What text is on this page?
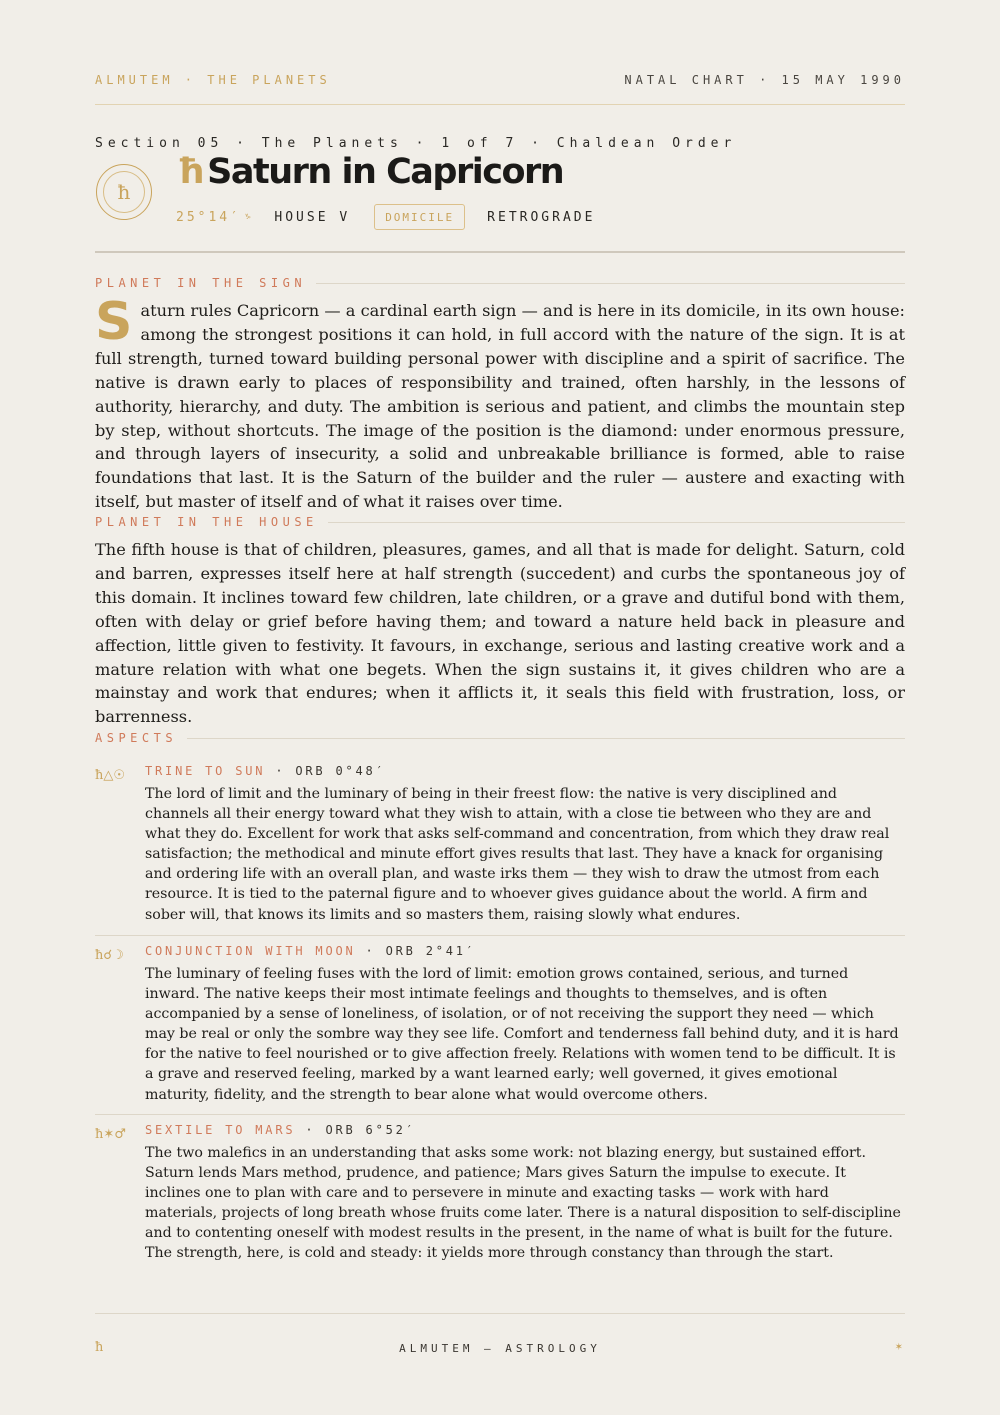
ALMUTEM · THE PLANETS	NATAL CHART · 15 MAY 1990
Section 05 · The Planets · 1 of 7 · Chaldean Order
ħ	ħ Saturn in Capricorn
25°14′ ♑ HOUSE V	DOMICILE	RETROGRADE
PLANET IN THE SIGN

Saturn rules Capricorn — a cardinal earth sign — and is here in its domicile, in its own house: among the strongest positions it can hold, in full accord with the nature of the sign. It is at full strength, turned toward building personal power with discipline and a spirit of sacrifice. The native is drawn early to places of responsibility and trained, often harshly, in the lessons of authority, hierarchy, and duty. The ambition is serious and patient, and climbs the mountain step by step, without shortcuts. The image of the position is the diamond: under enormous pressure, and through layers of insecurity, a solid and unbreakable brilliance is formed, able to raise foundations that last. It is the Saturn of the builder and the ruler — austere and exacting with itself, but master of itself and of what it raises over time.

PLANET IN THE HOUSE

The fifth house is that of children, pleasures, games, and all that is made for delight. Saturn, cold and barren, expresses itself here at half strength (succedent) and curbs the spontaneous joy of this domain. It inclines toward few children, late children, or a grave and dutiful bond with them, often with delay or grief before having them; and toward a nature held back in pleasure and affection, little given to festivity. It favours, in exchange, serious and lasting creative work and a mature relation with what one begets. When the sign sustains it, it gives children who are a mainstay and work that endures; when it afflicts it, it seals this field with frustration, loss, or barrenness.

ASPECTS
ħ△☉ TRINE TO SUN · ORB 0°48′

The lord of limit and the luminary of being in their freest flow: the native is very disciplined and channels all their energy toward what they wish to attain, with a close tie between who they are and what they do. Excellent for work that asks self-command and concentration, from which they draw real satisfaction; the methodical and minute effort gives results that last. They have a knack for organising and ordering life with an overall plan, and waste irks them — they wish to draw the utmost from each resource. It is tied to the paternal figure and to whoever gives guidance about the world. A firm and sober will, that knows its limits and so masters them, raising slowly what endures.

ħ☌☽ CONJUNCTION WITH MOON · ORB 2°41′

The luminary of feeling fuses with the lord of limit: emotion grows contained, serious, and turned inward. The native keeps their most intimate feelings and thoughts to themselves, and is often accompanied by a sense of loneliness, of isolation, or of not receiving the support they need — which may be real or only the sombre way they see life. Comfort and tenderness fall behind duty, and it is hard for the native to feel nourished or to give affection freely. Relations with women tend to be difficult. It is a grave and reserved feeling, marked by a want learned early; well governed, it gives emotional maturity, fidelity, and the strength to bear alone what would overcome others.

ħ✶♂ SEXTILE TO MARS · ORB 6°52′

The two malefics in an understanding that asks some work: not blazing energy, but sustained effort. Saturn lends Mars method, prudence, and patience; Mars gives Saturn the impulse to execute. It inclines one to plan with care and to persevere in minute and exacting tasks — work with hard materials, projects of long breath whose fruits come later. There is a natural disposition to self-discipline and to contenting oneself with modest results in the present, in the name of what is built for the future. The strength, here, is cold and steady: it yields more through constancy than through the start.

ħ	ALMUTEM — ASTROLOGY	✶
